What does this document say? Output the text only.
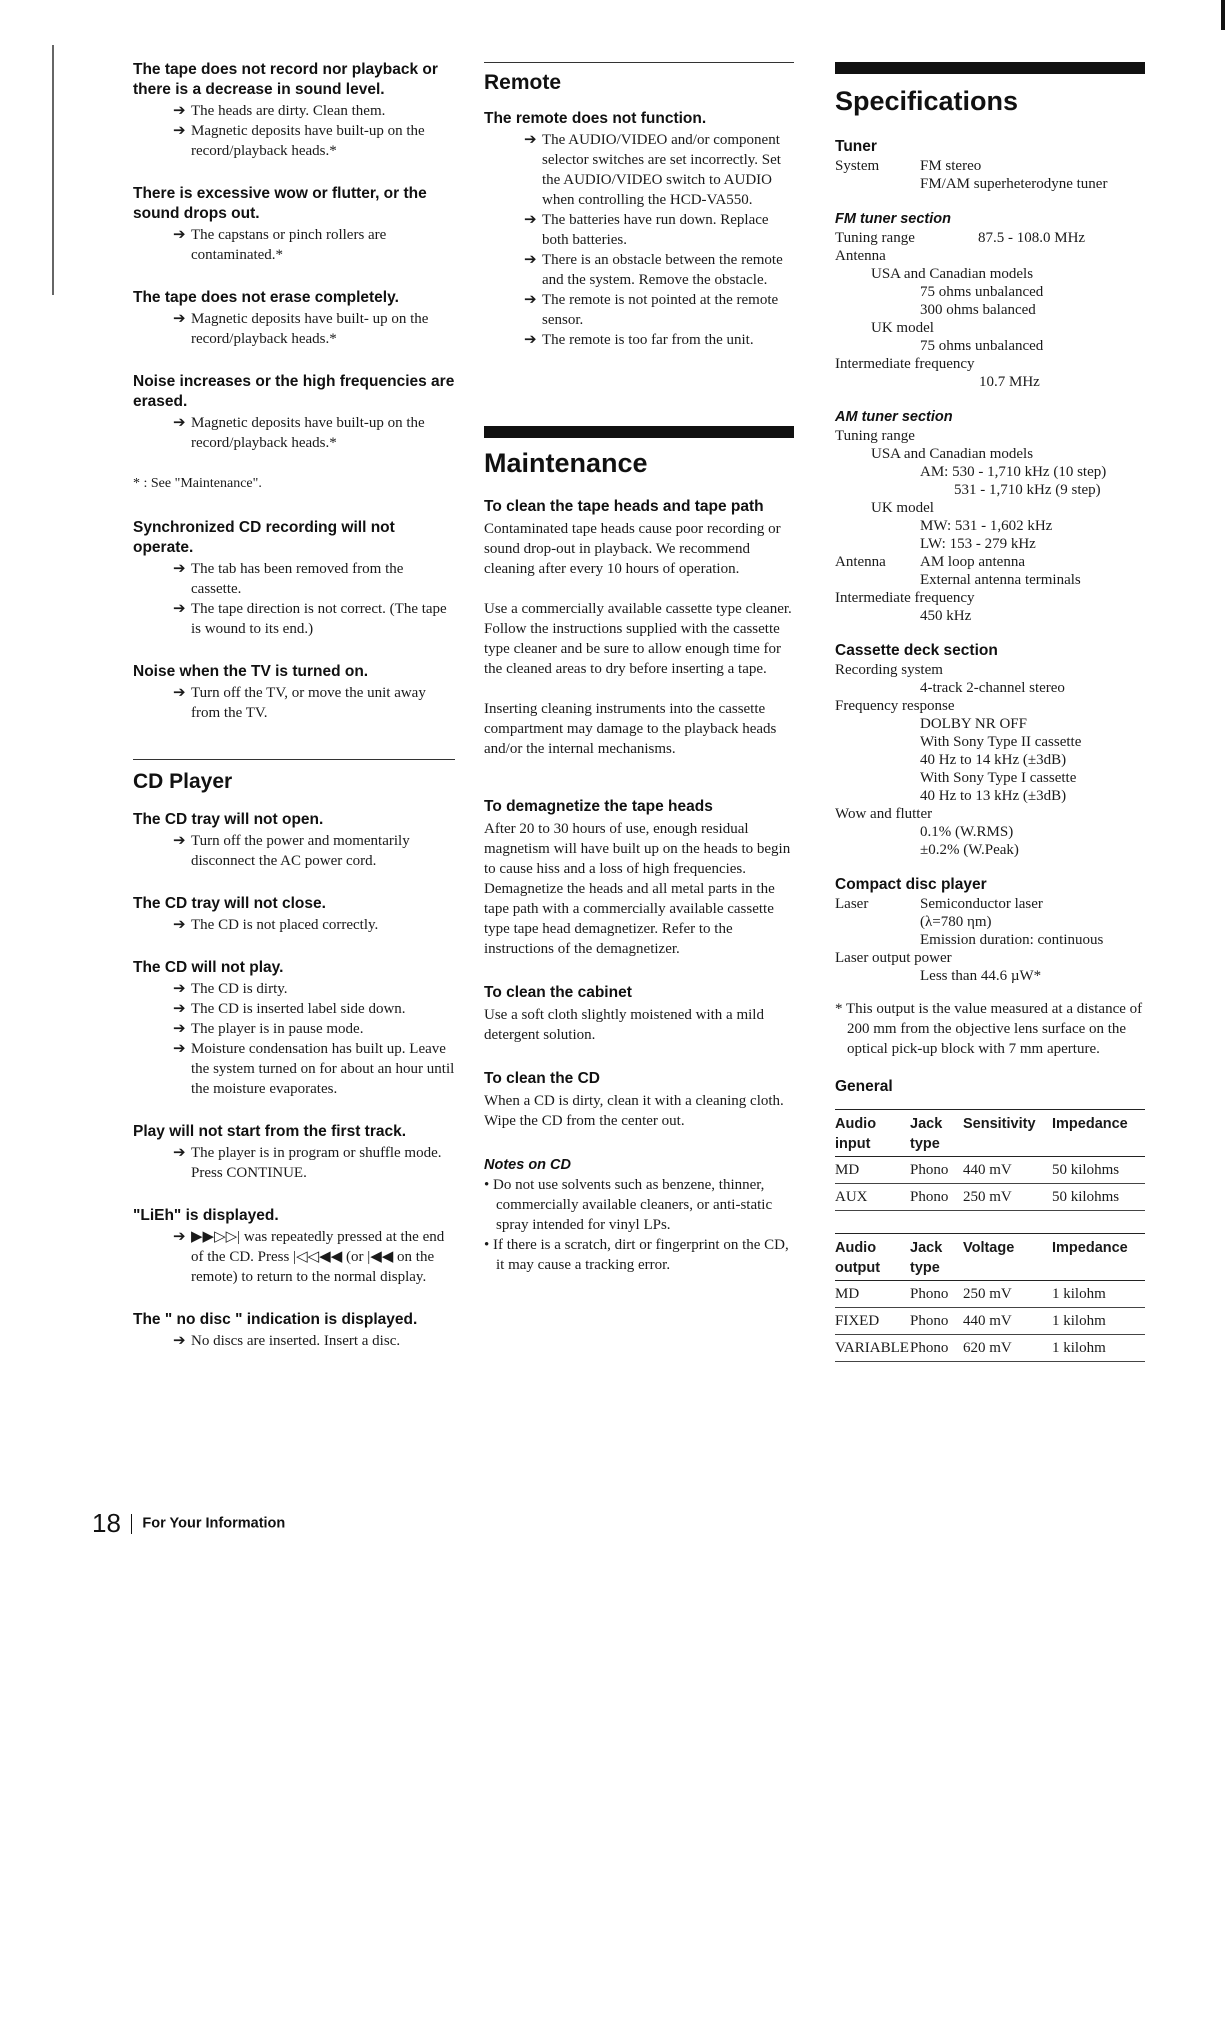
The tape does not record nor playback or there is a decrease in sound level.

➔ The heads are dirty. Clean them.

➔ Magnetic deposits have built-up on the record/playback heads.*

There is excessive wow or flutter, or the sound drops out.

➔ The capstans or pinch rollers are contaminated.*

The tape does not erase completely.

➔ Magnetic deposits have built- up on the record/playback heads.*

Noise increases or the high frequencies are erased.

➔ Magnetic deposits have built-up on the record/playback heads.*

* : See "Maintenance".
Synchronized CD recording will not operate.

➔ The tab has been removed from the cassette.

➔ The tape direction is not correct. (The tape is wound to its end.)

Noise when the TV is turned on.

➔ Turn off the TV, or move the unit away from the TV.

CD Player
The CD tray will not open.

➔ Turn off the power and momentarily disconnect the AC power cord.

The CD tray will not close.

➔ The CD is not placed correctly.

The CD will not play.

➔ The CD is dirty.

➔ The CD is inserted label side down.

➔ The player is in pause mode.

➔ Moisture condensation has built up. Leave the system turned on for about an hour until the moisture evaporates.

Play will not start from the first track.

➔ The player is in program or shuffle mode. Press CONTINUE.

"LiEh" is displayed.

➔ ▶▶▷▷| was repeatedly pressed at the end of the CD. Press |◁◁◀◀ (or |◀◀ on the remote) to return to the normal display.

The " no disc " indication is displayed.

➔ No discs are inserted. Insert a disc.

Remote
The remote does not function.

➔ The AUDIO/VIDEO and/or component selector switches are set incorrectly. Set the AUDIO/VIDEO switch to AUDIO when controlling the HCD-VA550.

➔ The batteries have run down. Replace both batteries.

➔ There is an obstacle between the remote and the system. Remove the obstacle.

➔ The remote is not pointed at the remote sensor.

➔ The remote is too far from the unit.

Maintenance
To clean the tape heads and tape path
Contaminated tape heads cause poor recording or sound drop-out in playback. We recommend cleaning after every 10 hours of operation.
Use a commercially available cassette type cleaner. Follow the instructions supplied with the cassette type cleaner and be sure to allow enough time for the cleaned areas to dry before inserting a tape.
Inserting cleaning instruments into the cassette compartment may damage to the playback heads and/or the internal mechanisms.
To demagnetize the tape heads
After 20 to 30 hours of use, enough residual magnetism will have built up on the heads to begin to cause hiss and a loss of high frequencies. Demagnetize the heads and all metal parts in the tape path with a commercially available cassette type tape head demagnetizer. Refer to the instructions of the demagnetizer.
To clean the cabinet
Use a soft cloth slightly moistened with a mild detergent solution.
To clean the CD
When a CD is dirty, clean it with a cleaning cloth. Wipe the CD from the center out.
Notes on CD

• Do not use solvents such as benzene, thinner, commercially available cleaners, or anti-static spray intended for vinyl LPs.

• If there is a scratch, dirt or fingerprint on the CD, it may cause a tracking error.

Specifications
Tuner
System	FM stereo
FM/AM superheterodyne tuner
FM tuner section
Tuning range	87.5 - 108.0 MHz
Antenna
USA and Canadian models
75 ohms unbalanced
300 ohms balanced
UK model
75 ohms unbalanced
Intermediate frequency
10.7 MHz
AM tuner section
Tuning range
USA and Canadian models
AM: 530 - 1,710 kHz (10 step)
531 - 1,710 kHz (9 step)
UK model
MW: 531 - 1,602 kHz
LW: 153 - 279 kHz
Antenna AM loop antenna
External antenna terminals
Intermediate frequency
450 kHz
Cassette deck section
Recording system
4-track 2-channel stereo
Frequency response
DOLBY NR OFF
With Sony Type II cassette
40 Hz to 14 kHz (±3dB)
With Sony Type I cassette
40 Hz to 13 kHz (±3dB)
Wow and flutter
0.1% (W.RMS)
±0.2% (W.Peak)
Compact disc player
Laser	Semiconductor laser
(λ=780 ηm)
Emission duration: continuous
Laser output power
Less than 44.6 µW*

* This output is the value measured at a distance of 200 mm from the objective lens surface on the optical pick-up block with 7 mm aperture.

General
Audio input	Jack type	Sensitivity	Impedance
MD	Phono	440 mV	50 kilohms
AUX	Phono	250 mV	50 kilohms
Audio output	Jack type	Voltage	Impedance
MD	Phono	250 mV	1 kilohm
FIXED	Phono	440 mV	1 kilohm
VARIABLE	Phono	620 mV	1 kilohm
18 For Your Information
